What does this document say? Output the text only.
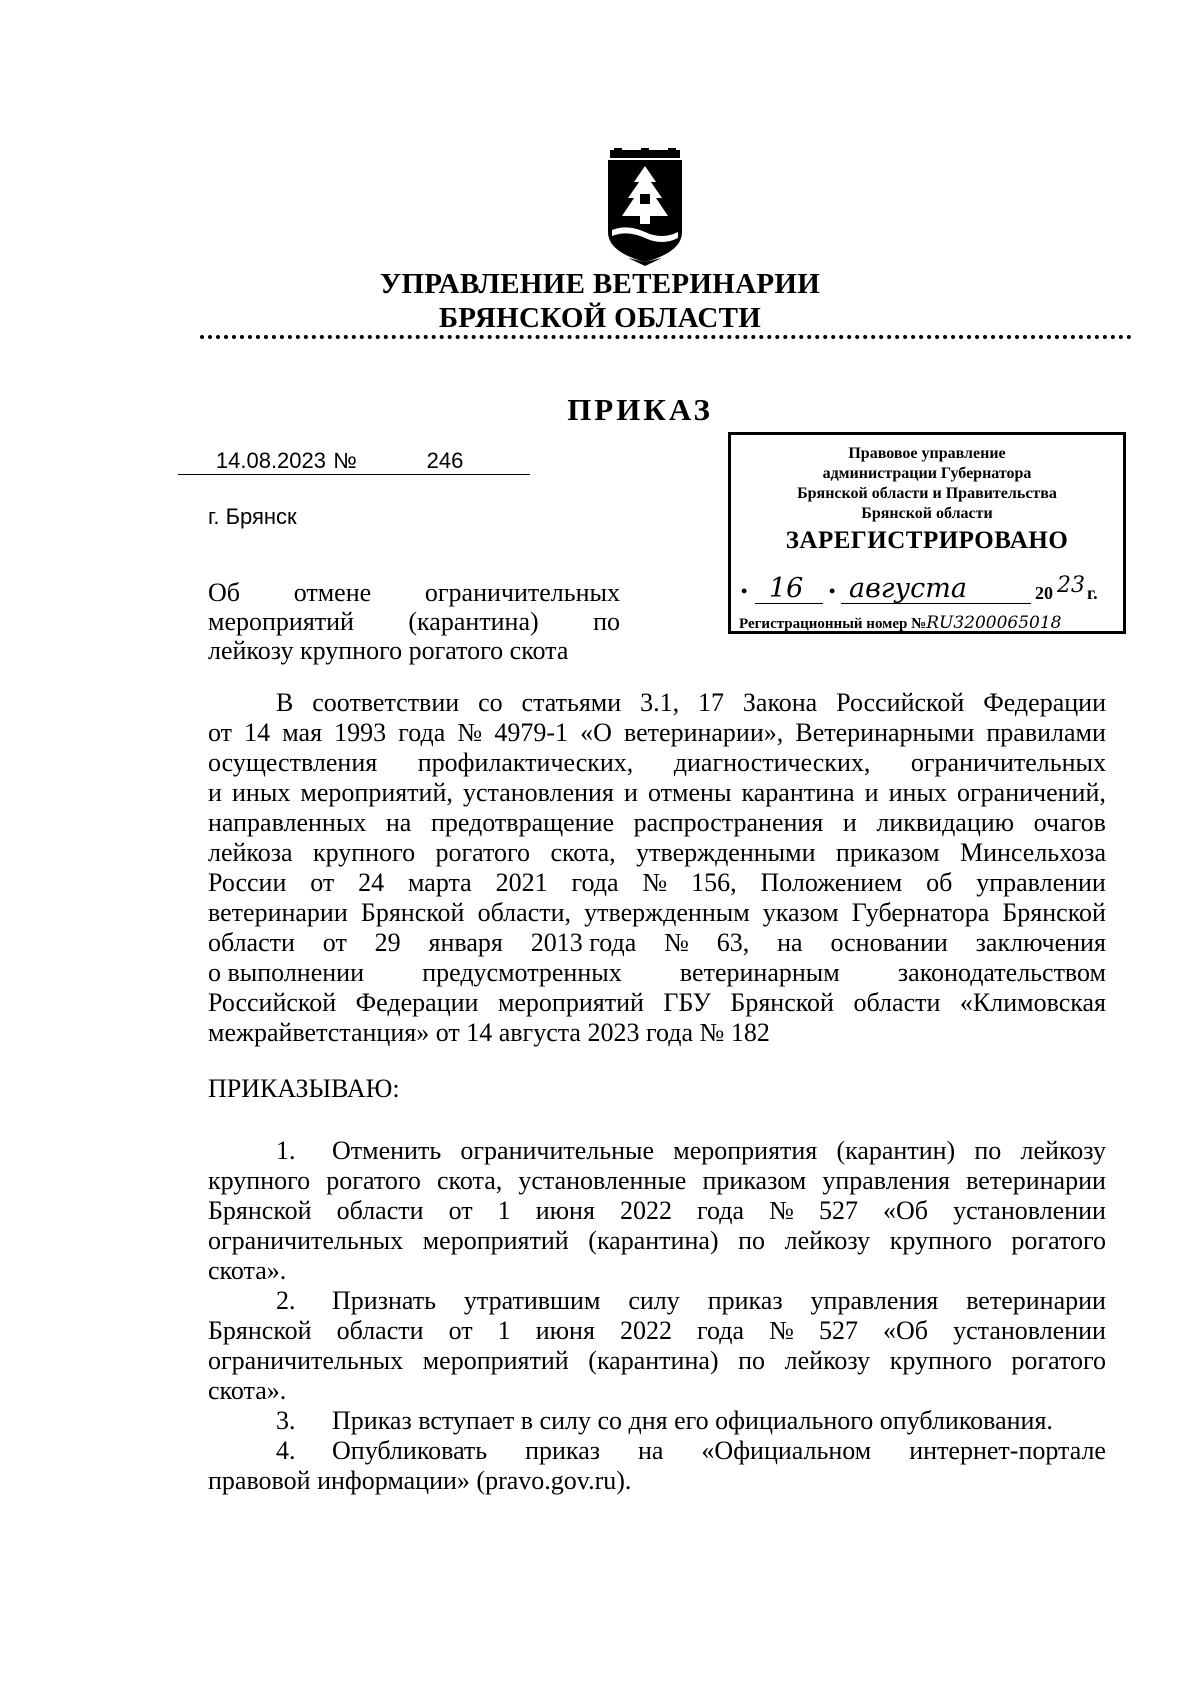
УПРАВЛЕНИЕ ВЕТЕРИНАРИИ
БРЯНСКОЙ ОБЛАСТИ
ПРИКАЗ
14.08.2023 №	246
г. Брянск
Об отмене ограничительных
мероприятий (карантина) по
лейкозу крупного рогатого скота
Правовое управление
администрации Губернатора
Брянской области и Правительства
Брянской области
ЗАРЕГИСТРИРОВАНО
• 16 • августа	20 23 г.
Регистрационный номер №RU3200065018
В соответствии со статьями 3.1, 17 Закона Российской Федерации
от 14 мая 1993 года № 4979-1 «О ветеринарии», Ветеринарными правилами
осуществления профилактических, диагностических, ограничительных
и иных мероприятий, установления и отмены карантина и иных ограничений,
направленных на предотвращение распространения и ликвидацию очагов
лейкоза крупного рогатого скота, утвержденными приказом Минсельхоза
России от 24 марта 2021 года № 156, Положением об управлении
ветеринарии Брянской области, утвержденным указом Губернатора Брянской
области от 29 января 2013 года № 63, на основании заключения
о выполнении предусмотренных ветеринарным законодательством
Российской Федерации мероприятий ГБУ Брянской области «Климовская
межрайветстанция» от 14 августа 2023 года № 182
ПРИКАЗЫВАЮ:
1. Отменить ограничительные мероприятия (карантин) по лейкозу
крупного рогатого скота, установленные приказом управления ветеринарии
Брянской области от 1 июня 2022 года № 527 «Об установлении
ограничительных мероприятий (карантина) по лейкозу крупного рогатого
скота».
2. Признать утратившим силу приказ управления ветеринарии
Брянской области от 1 июня 2022 года № 527 «Об установлении
ограничительных мероприятий (карантина) по лейкозу крупного рогатого
скота».
3. Приказ вступает в силу со дня его официального опубликования.
4. Опубликовать приказ на «Официальном интернет-портале
правовой информации» (pravo.gov.ru).
